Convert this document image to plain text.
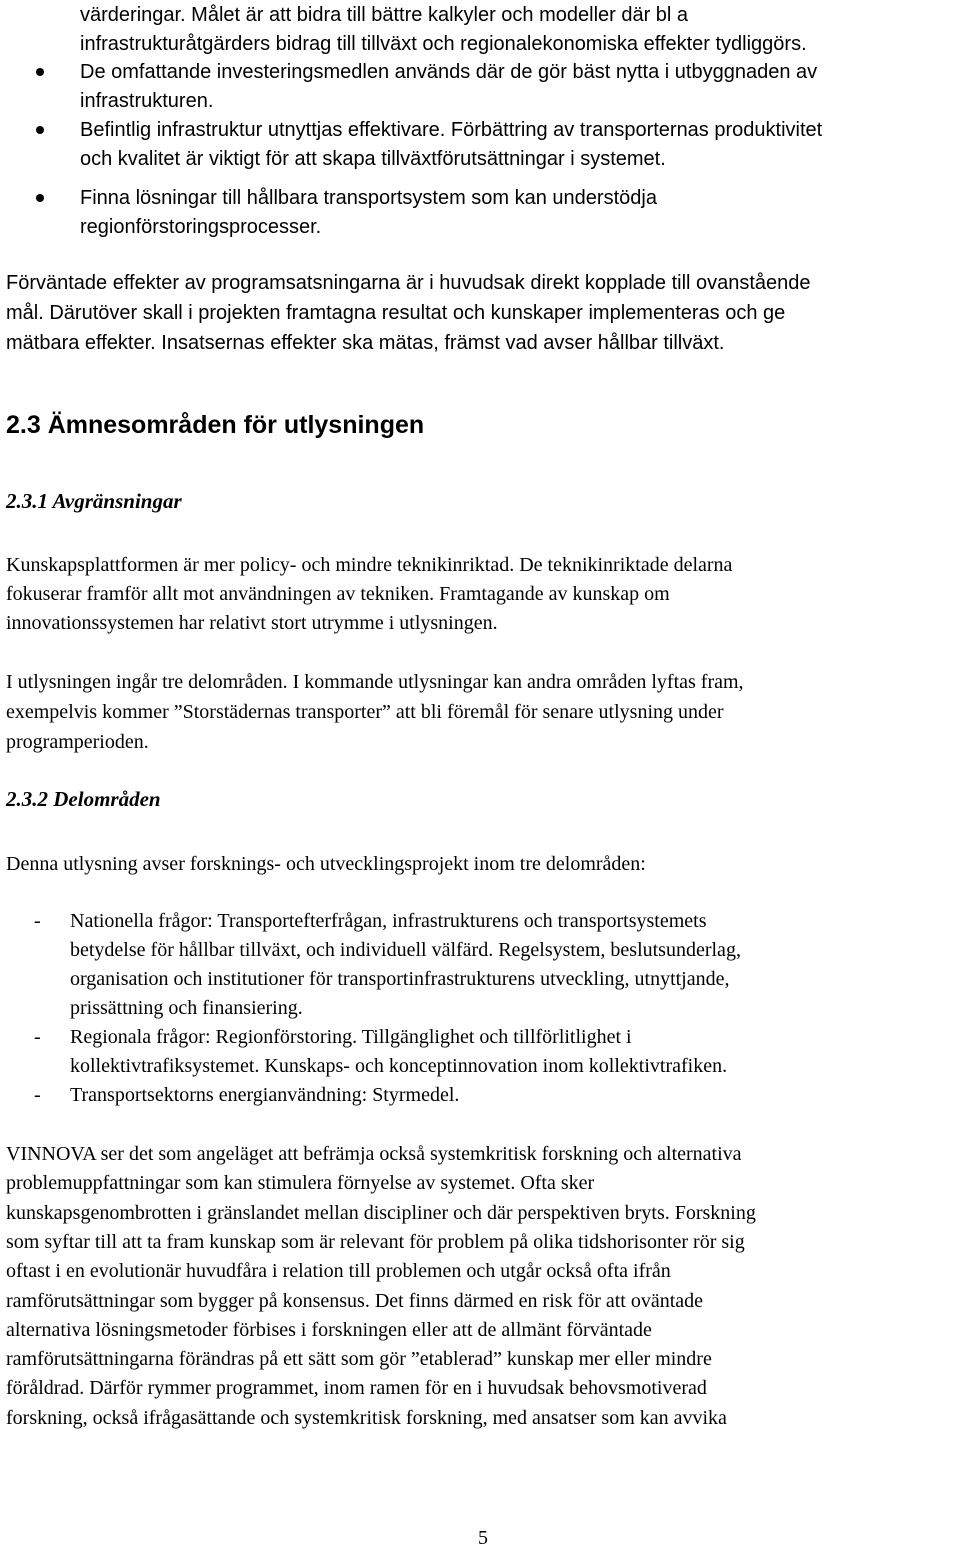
värderingar. Målet är att bidra till bättre kalkyler och modeller där bl a
infrastrukturåtgärders bidrag till tillväxt och regionalekonomiska effekter tydliggörs.
De omfattande investeringsmedlen används där de gör bäst nytta i utbyggnaden av
infrastrukturen.
Befintlig infrastruktur utnyttjas effektivare. Förbättring av transporternas produktivitet
och kvalitet är viktigt för att skapa tillväxtförutsättningar i systemet.
Finna lösningar till hållbara transportsystem som kan understödja
regionförstoringsprocesser.
Förväntade effekter av programsatsningarna är i huvudsak direkt kopplade till ovanstående
mål. Därutöver skall i projekten framtagna resultat och kunskaper implementeras och ge
mätbara effekter. Insatsernas effekter ska mätas, främst vad avser hållbar tillväxt.
2.3 Ämnesområden för utlysningen
2.3.1 Avgränsningar
Kunskapsplattformen är mer policy- och mindre teknikinriktad. De teknikinriktade delarna
fokuserar framför allt mot användningen av tekniken. Framtagande av kunskap om
innovationssystemen har relativt stort utrymme i utlysningen.
I utlysningen ingår tre delområden. I kommande utlysningar kan andra områden lyftas fram,
exempelvis kommer ”Storstädernas transporter” att bli föremål för senare utlysning under
programperioden.
2.3.2 Delområden
Denna utlysning avser forsknings- och utvecklingsprojekt inom tre delområden:
- Nationella frågor: Transportefterfrågan, infrastrukturens och transportsystemets
betydelse för hållbar tillväxt, och individuell välfärd. Regelsystem, beslutsunderlag,
organisation och institutioner för transportinfrastrukturens utveckling, utnyttjande,
prissättning och finansiering.
- Regionala frågor: Regionförstoring. Tillgänglighet och tillförlitlighet i
kollektivtrafiksystemet. Kunskaps- och konceptinnovation inom kollektivtrafiken.
- Transportsektorns energianvändning: Styrmedel.
VINNOVA ser det som angeläget att befrämja också systemkritisk forskning och alternativa
problemuppfattningar som kan stimulera förnyelse av systemet. Ofta sker
kunskapsgenombrotten i gränslandet mellan discipliner och där perspektiven bryts. Forskning
som syftar till att ta fram kunskap som är relevant för problem på olika tidshorisonter rör sig
oftast i en evolutionär huvudfåra i relation till problemen och utgår också ofta ifrån
ramförutsättningar som bygger på konsensus. Det finns därmed en risk för att oväntade
alternativa lösningsmetoder förbises i forskningen eller att de allmänt förväntade
ramförutsättningarna förändras på ett sätt som gör ”etablerad” kunskap mer eller mindre
föråldrad. Därför rymmer programmet, inom ramen för en i huvudsak behovsmotiverad
forskning, också ifrågasättande och systemkritisk forskning, med ansatser som kan avvika
5
